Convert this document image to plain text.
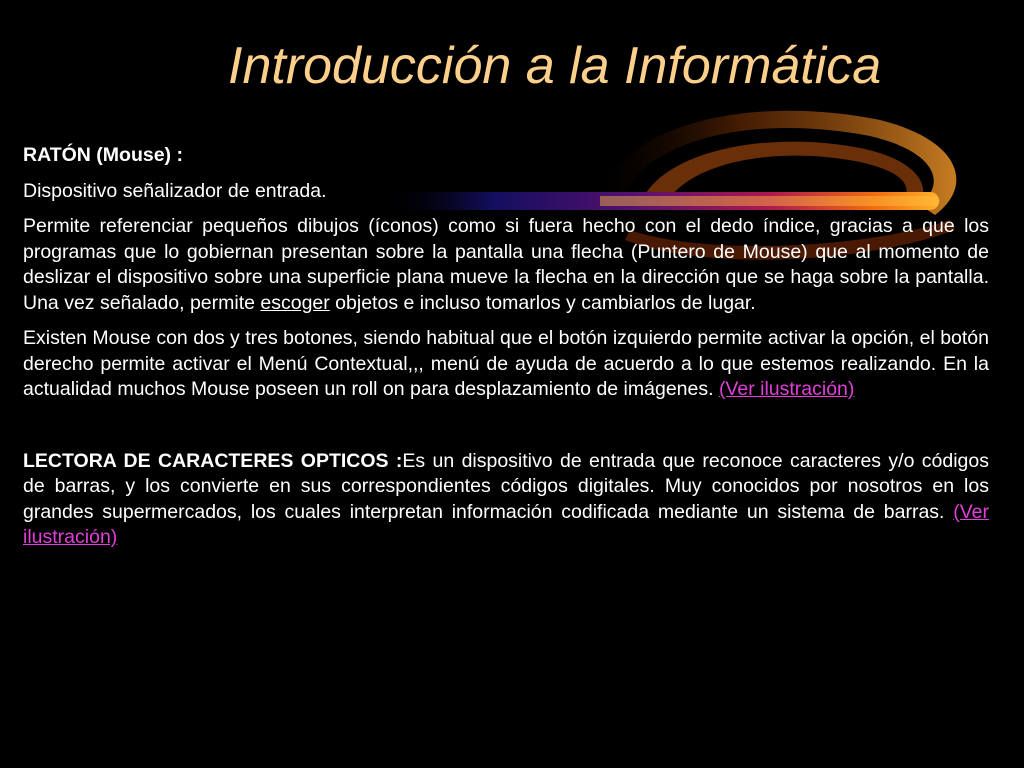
Introducción a la Informática

RATÓN (Mouse) :

Dispositivo señalizador de entrada.

Permite referenciar pequeños dibujos (íconos) como si fuera hecho con el dedo índice, gracias a que los programas que lo gobiernan presentan sobre la pantalla una flecha (Puntero de Mouse) que al momento de deslizar el dispositivo sobre una superficie plana mueve la flecha en la dirección que se haga sobre la pantalla. Una vez señalado, permite escoger objetos e incluso tomarlos y cambiarlos de lugar.

Existen Mouse con dos y tres botones, siendo habitual que el botón izquierdo permite activar la opción, el botón derecho permite activar el Menú Contextual,,, menú de ayuda de acuerdo a lo que estemos realizando. En la actualidad muchos Mouse poseen un roll on para desplazamiento de imágenes. (Ver ilustración)

LECTORA DE CARACTERES OPTICOS :Es un dispositivo de entrada que reconoce caracteres y/o códigos de barras, y los convierte en sus correspondientes códigos digitales. Muy conocidos por nosotros en los grandes supermercados, los cuales interpretan información codificada mediante un sistema de barras. (Ver ilustración)
